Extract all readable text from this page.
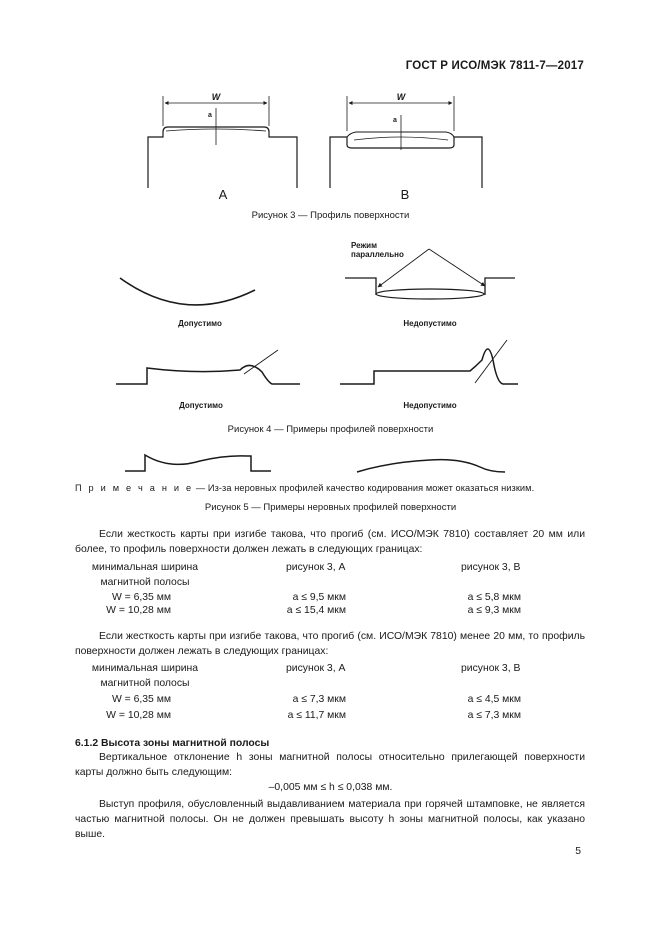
ГОСТ Р ИСО/МЭК 7811-7—2017
W
a
W
a
A	B
Рисунок 3 — Профиль поверхности
Режим параллельно
Допустимо	Недопустимо
Допустимо	Недопустимо
Рисунок 4 — Примеры профилей поверхности
П р и м е ч а н и е — Из-за неровных профилей качество кодирования может оказаться низким.
Рисунок 5 — Примеры неровных профилей поверхности
Если жесткость карты при изгибе такова, что прогиб (см. ИСО/МЭК 7810) составляет 20 мм или более, то профиль поверхности должен лежать в следующих границах:
минимальная ширина
магнитной полосы
рисунок 3, А	рисунок 3, В
W = 6,35 мм	a ≤ 9,5 мкм	a ≤ 5,8 мкм
W = 10,28 мм	a ≤ 15,4 мкм	a ≤ 9,3 мкм
Если жесткость карты при изгибе такова, что прогиб (см. ИСО/МЭК 7810) менее 20 мм, то профиль поверхности должен лежать в следующих границах:
минимальная ширина
магнитной полосы
рисунок 3, А	рисунок 3, В
W = 6,35 мм	a ≤ 7,3 мкм	a ≤ 4,5 мкм
W = 10,28 мм	a ≤ 11,7 мкм	a ≤ 7,3 мкм
6.1.2 Высота зоны магнитной полосы
Вертикальное отклонение h зоны магнитной полосы относительно прилегающей поверхности карты должно быть следующим:
–0,005 мм ≤ h ≤ 0,038 мм.
Выступ профиля, обусловленный выдавливанием материала при горячей штамповке, не является частью магнитной полосы. Он не должен превышать высоту h зоны магнитной полосы, как указано выше.
5
